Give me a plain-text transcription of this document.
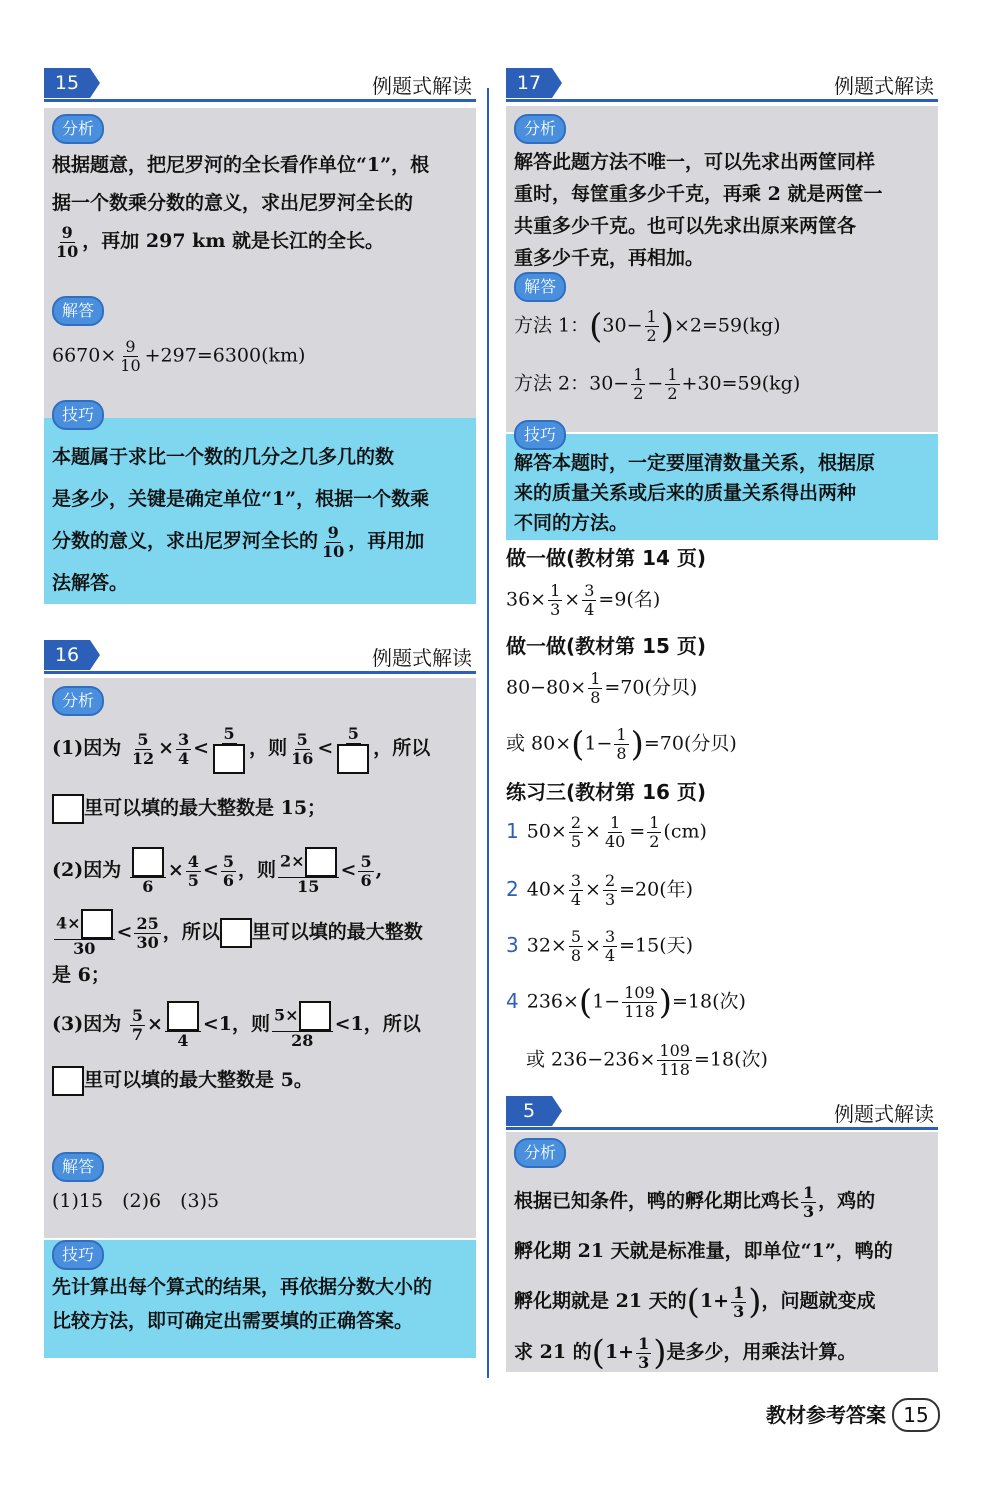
15	例题式解读
分析
根据题意，把尼罗河的全长看作单位“1”，根
据一个数乘分数的意义，求出尼罗河全长的
$\frac{9}{10}$ ，再加 297 km 就是长江的全长。
解答
$6670\times \frac{9}{10} +297=6300(km)$
技巧
本题属于求比一个数的几分之几多几的数
是多少，关键是确定单位“1”，根据一个数乘
分数的意义，求出尼罗河全长的 $\frac{9}{10}$ ，再用加
法解答。
16	例题式解读
分析
(1)因为 $\frac{5}{12} \times \frac{3}{4}$ <
5
，则 $\frac{5}{16}$ <
5
，所以
里可以填的最大整数是 15；
(2)因为
6
× $\frac{4}{5} < \frac{5}{6}$ ，则 $\frac{2\times}{15} < \frac{5}{6}$ ,
$\frac{4\times}{30} < \frac{25}{30}$ ，所以 里可以填的最大整数
是 6；
(3)因为 $\frac{5}{7}$ ×
4
<1，则 $\frac{5\times}{28} <1$，所以
里可以填的最大整数是 5。
解答
(1)15　(2)6　(3)5
技巧
先计算出每个算式的结果，再依据分数大小的
比较方法，即可确定出需要填的正确答案。
17	例题式解读
分析
解答此题方法不唯一，可以先求出两筐同样
重时，每筐重多少千克，再乘 2 就是两筐一
共重多少千克。也可以先求出原来两筐各
重多少千克，再相加。
解答
方法 1：$(30- \frac{1}{2} )\times 2=59(kg)$
方法 2：$30- \frac{1}{2} - \frac{1}{2} +30=59(kg)$
技巧
解答本题时，一定要厘清数量关系，根据原
来的质量关系或后来的质量关系得出两种
不同的方法。
做一做(教材第 14 页)
$36\times \frac{1}{3} \times \frac{3}{4} =9$(名)
做一做(教材第 15 页)
$80-80\times \frac{1}{8} =70$(分贝)
或 $80\times(1- \frac{1}{8} )=70$(分贝)
练习三(教材第 16 页)
1 $50\times \frac{2}{5} \times \frac{1}{40} = \frac{1}{2} (cm)$
2 $40\times \frac{3}{4} \times \frac{2}{3} =20$(年)
3 $32\times \frac{5}{8} \times \frac{3}{4} =15$(天)
4 $236\times(1- \frac{109}{118} )=18$(次)
或 $236-236\times \frac{109}{118} =18$(次)
5	例题式解读
分析
根据已知条件，鸭的孵化期比鸡长 $\frac{1}{3}$ ，鸡的
孵化期 21 天就是标准量，即单位“1”，鸭的
孵化期就是 21 天的($1+ \frac{1}{3}$ )，问题就变成
求 21 的($1+ \frac{1}{3}$ )是多少，用乘法计算。
教材参考答案 15
